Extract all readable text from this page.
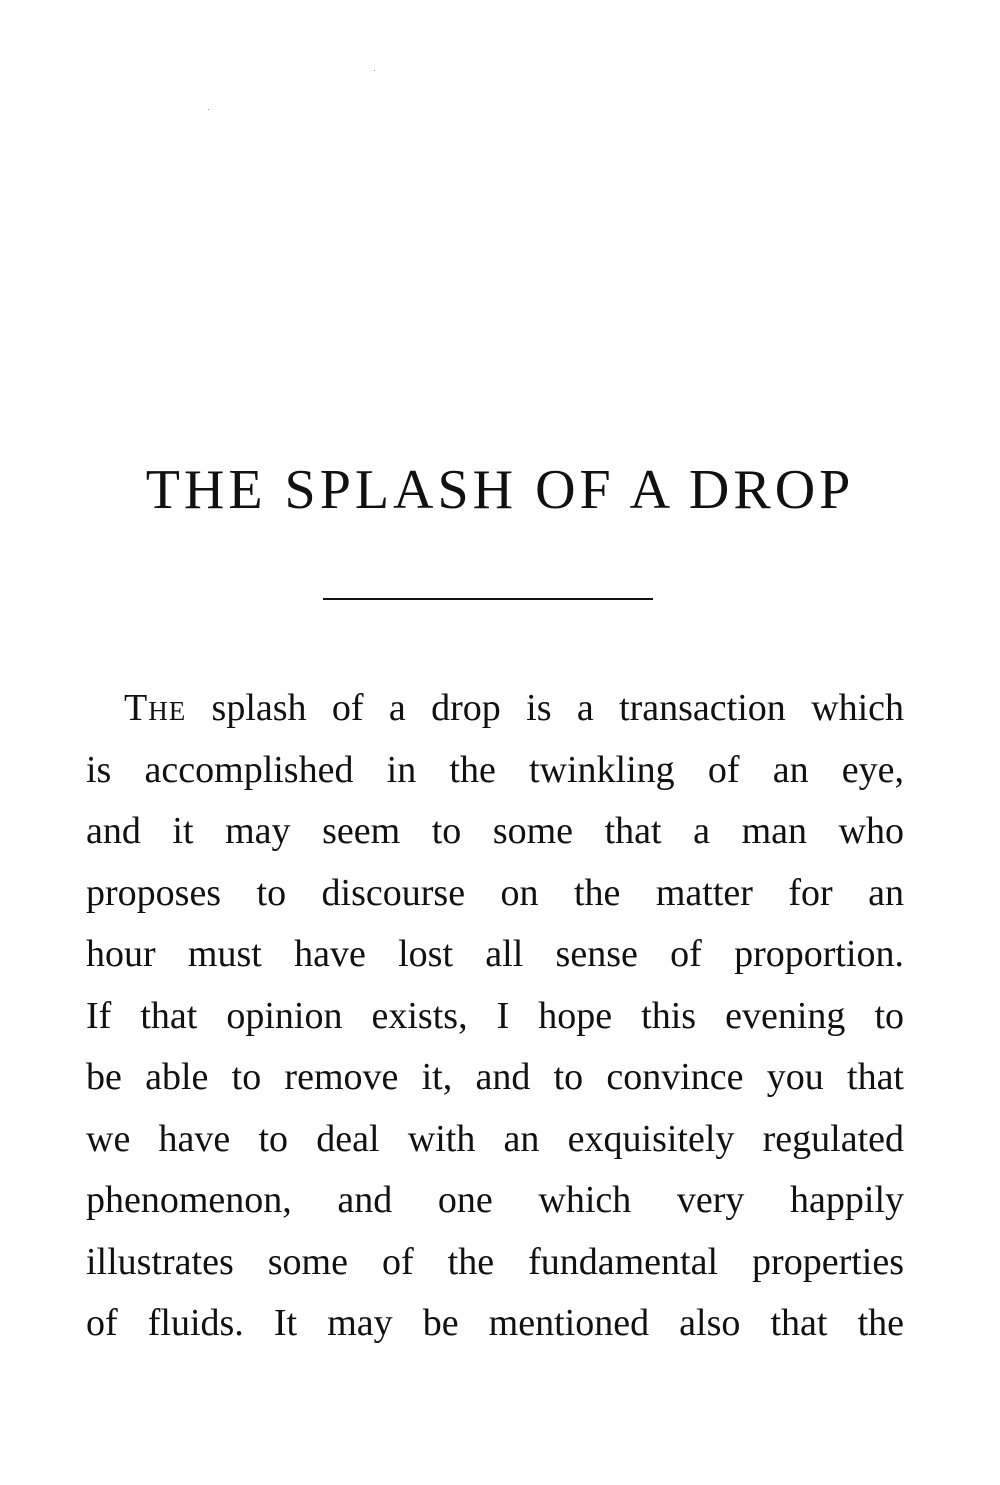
THE SPLASH OF A DROP
The splash of a drop is a transaction which
is accomplished in the twinkling of an eye,
and it may seem to some that a man who
proposes to discourse on the matter for an
hour must have lost all sense of proportion.
If that opinion exists, I hope this evening to
be able to remove it, and to convince you that
we have to deal with an exquisitely regulated
phenomenon, and one which very happily
illustrates some of the fundamental properties
of fluids. It may be mentioned also that the
